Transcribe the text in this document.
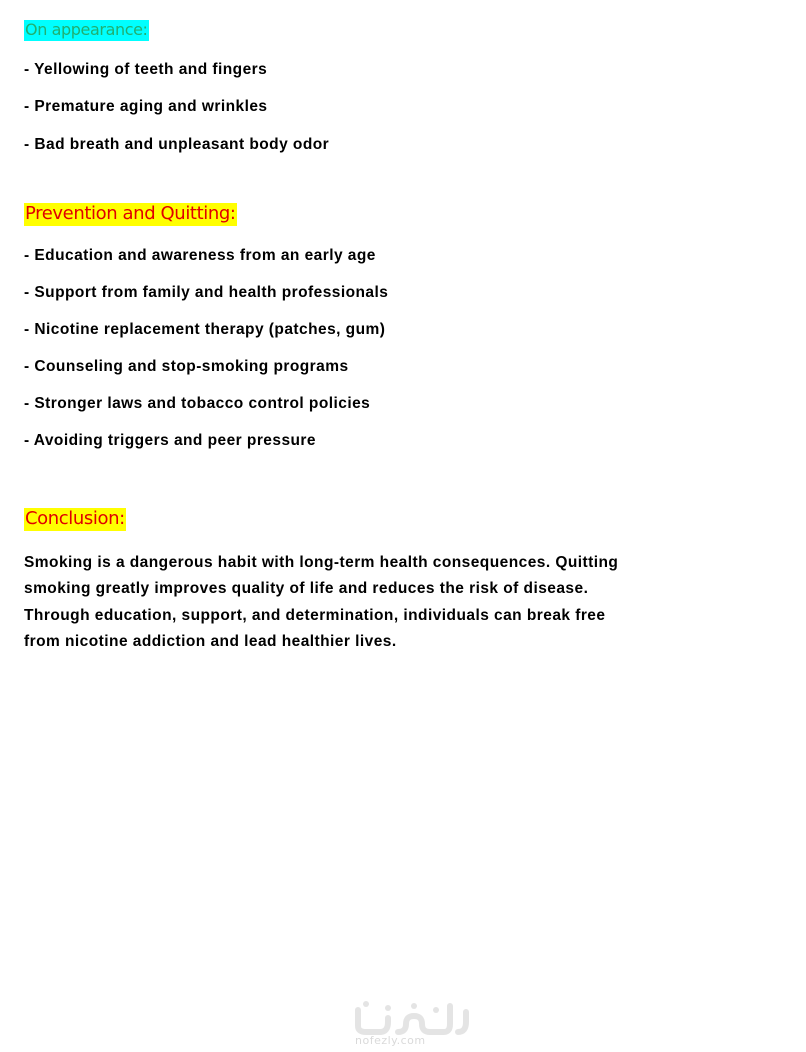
On appearance:
- Yellowing of teeth and fingers
- Premature aging and wrinkles
- Bad breath and unpleasant body odor
Prevention and Quitting:
- Education and awareness from an early age
- Support from family and health professionals
- Nicotine replacement therapy (patches, gum)
- Counseling and stop-smoking programs
- Stronger laws and tobacco control policies
- Avoiding triggers and peer pressure
Conclusion:
Smoking is a dangerous habit with long-term health consequences. Quitting
smoking greatly improves quality of life and reduces the risk of disease.
Through education, support, and determination, individuals can break free
from nicotine addiction and lead healthier lives.
nofezly.com
